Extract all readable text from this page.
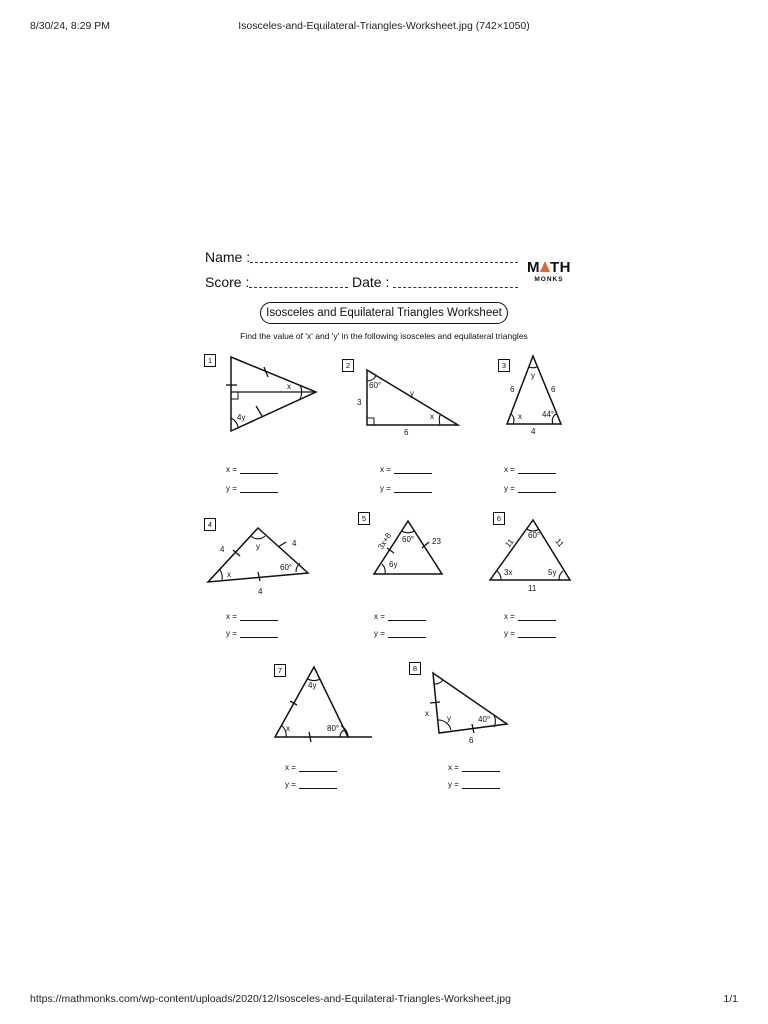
8/30/24, 8:29 PM	Isosceles-and-Equilateral-Triangles-Worksheet.jpg (742×1050)
https://mathmonks.com/wp-content/uploads/2020/12/Isosceles-and-Equilateral-Triangles-Worksheet.jpg	1/1
Name :
Score :	Date :
M TH
MONKS
Isosceles and Equilateral Triangles Worksheet
Find the value of 'x' and 'y' in the following isosceles and equilateral triangles
1
2	3
4
5	6
7	8
x
4y
60°
y
3
x
6
y
6	6
x	44°
4
4	y	4
x
60°
4
3x+8 60° 23
6y
11
60°
11
3x	5y
11
4y
x	80°
x
y	40°
6
x =
y =
x =
y =
x =
y =
x =
y =
x =
y =
x =
y =
x =
y =
x =
y =
